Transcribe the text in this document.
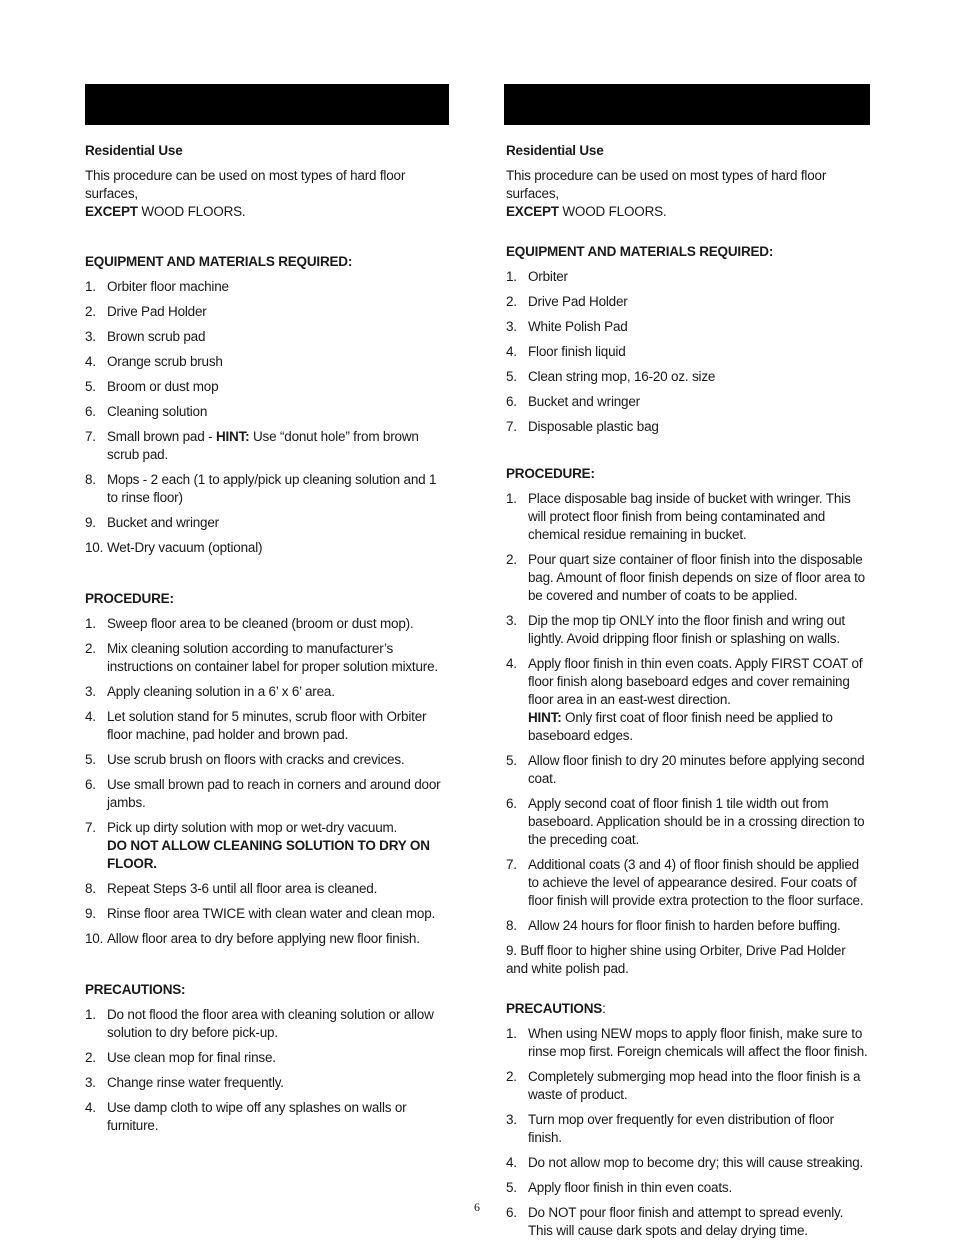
Residential Use

This procedure can be used on most types of hard floor surfaces,
EXCEPT WOOD FLOORS.

EQUIPMENT AND MATERIALS REQUIRED:

1. Orbiter floor machine
2. Drive Pad Holder
3. Brown scrub pad
4. Orange scrub brush
5. Broom or dust mop
6. Cleaning solution
7. Small brown pad - HINT: Use “donut hole” from brown scrub pad.
8. Mops - 2 each (1 to apply/pick up cleaning solution and 1 to rinse floor)
9. Bucket and wringer
10. Wet-Dry vacuum (optional)

PROCEDURE:

1. Sweep floor area to be cleaned (broom or dust mop).
2. Mix cleaning solution according to manufacturer’s instructions on container label for proper solution mixture.
3. Apply cleaning solution in a 6’ x 6’ area.
4. Let solution stand for 5 minutes, scrub floor with Orbiter floor machine, pad holder and brown pad.
5. Use scrub brush on floors with cracks and crevices.
6. Use small brown pad to reach in corners and around door jambs.
7. Pick up dirty solution with mop or wet-dry vacuum.
DO NOT ALLOW CLEANING SOLUTION TO DRY ON FLOOR.
8. Repeat Steps 3-6 until all floor area is cleaned.
9. Rinse floor area TWICE with clean water and clean mop.
10. Allow floor area to dry before applying new floor finish.

PRECAUTIONS:

1. Do not flood the floor area with cleaning solution or allow solution to dry before pick-up.
2. Use clean mop for final rinse.
3. Change rinse water frequently.
4. Use damp cloth to wipe off any splashes on walls or furniture.

Residential Use

This procedure can be used on most types of hard floor surfaces,
EXCEPT WOOD FLOORS.

EQUIPMENT AND MATERIALS REQUIRED:

1. Orbiter
2. Drive Pad Holder
3. White Polish Pad
4. Floor finish liquid
5. Clean string mop, 16-20 oz. size
6. Bucket and wringer
7. Disposable plastic bag

PROCEDURE:

1. Place disposable bag inside of bucket with wringer. This will protect floor finish from being contaminated and chemical residue remaining in bucket.
2. Pour quart size container of floor finish into the disposable bag. Amount of floor finish depends on size of floor area to be covered and number of coats to be applied.
3. Dip the mop tip ONLY into the floor finish and wring out lightly. Avoid dripping floor finish or splashing on walls.
4. Apply floor finish in thin even coats. Apply FIRST COAT of floor finish along baseboard edges and cover remaining floor area in an east-west direction.
HINT: Only first coat of floor finish need be applied to baseboard edges.
5. Allow floor finish to dry 20 minutes before applying second coat.
6. Apply second coat of floor finish 1 tile width out from baseboard. Application should be in a crossing direction to the preceding coat.
7. Additional coats (3 and 4) of floor finish should be applied to achieve the level of appearance desired. Four coats of floor finish will provide extra protection to the floor surface.
8. Allow 24 hours for floor finish to harden before buffing.

9. Buff floor to higher shine using Orbiter, Drive Pad Holder and white polish pad.

PRECAUTIONS:

1. When using NEW mops to apply floor finish, make sure to rinse mop first. Foreign chemicals will affect the floor finish.
2. Completely submerging mop head into the floor finish is a waste of product.
3. Turn mop over frequently for even distribution of floor finish.
4. Do not allow mop to become dry; this will cause streaking.
5. Apply floor finish in thin even coats.
6. Do NOT pour floor finish and attempt to spread evenly. This will cause dark spots and delay drying time.
6
